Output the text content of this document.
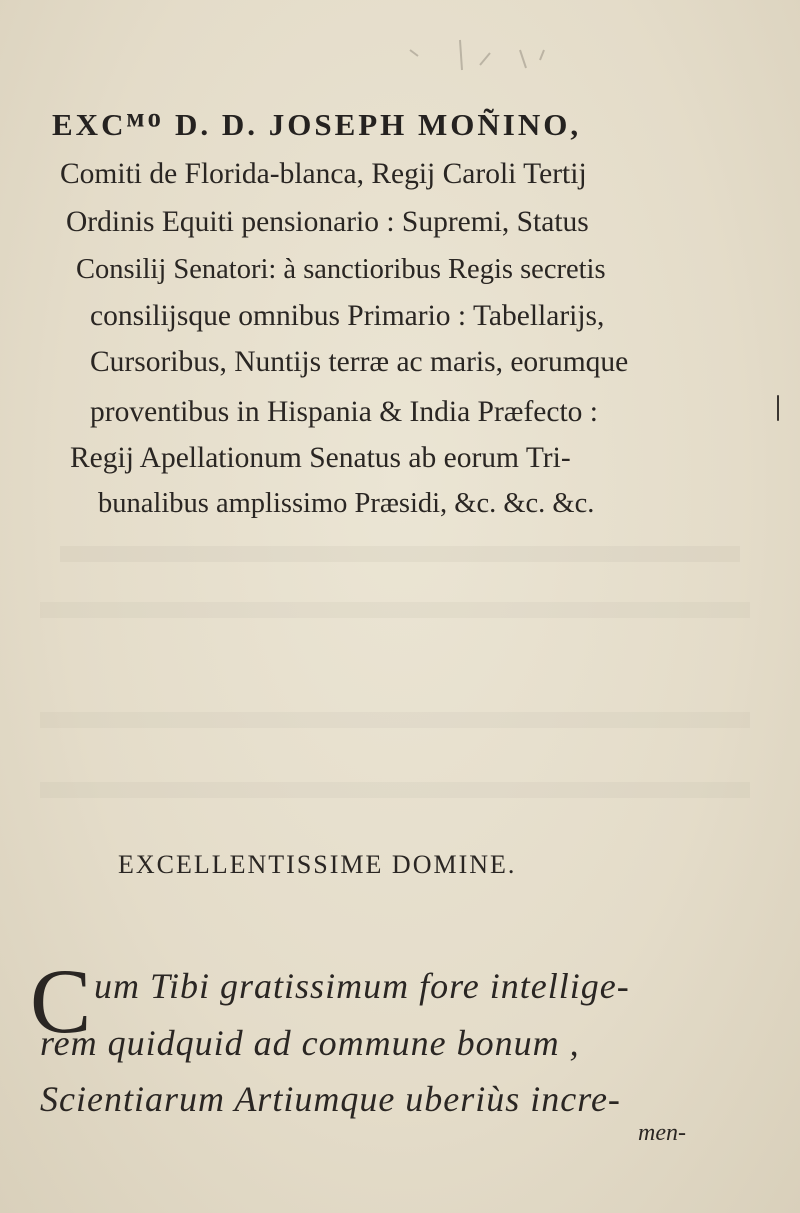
EXCᴹᴼ D. D. JOSEPH MOÑINO,
Comiti de Florida-blanca, Regij Caroli Tertij
Ordinis Equiti pensionario : Supremi, Status
Consilij Senatori: à sanctioribus Regis secretis
consilijsque omnibus Primario : Tabellarijs,
Cursoribus, Nuntijs terræ ac maris, eorumque
proventibus in Hispania & India Præfecto :
Regij Apellationum Senatus ab eorum Tri-
bunalibus amplissimo Præsidi, &c. &c. &c.
EXCELLENTISSIME DOMINE.
C um Tibi gratissimum fore intellige-
rem quidquid ad commune bonum ,
Scientiarum Artiumque uberiùs incre-
men-
